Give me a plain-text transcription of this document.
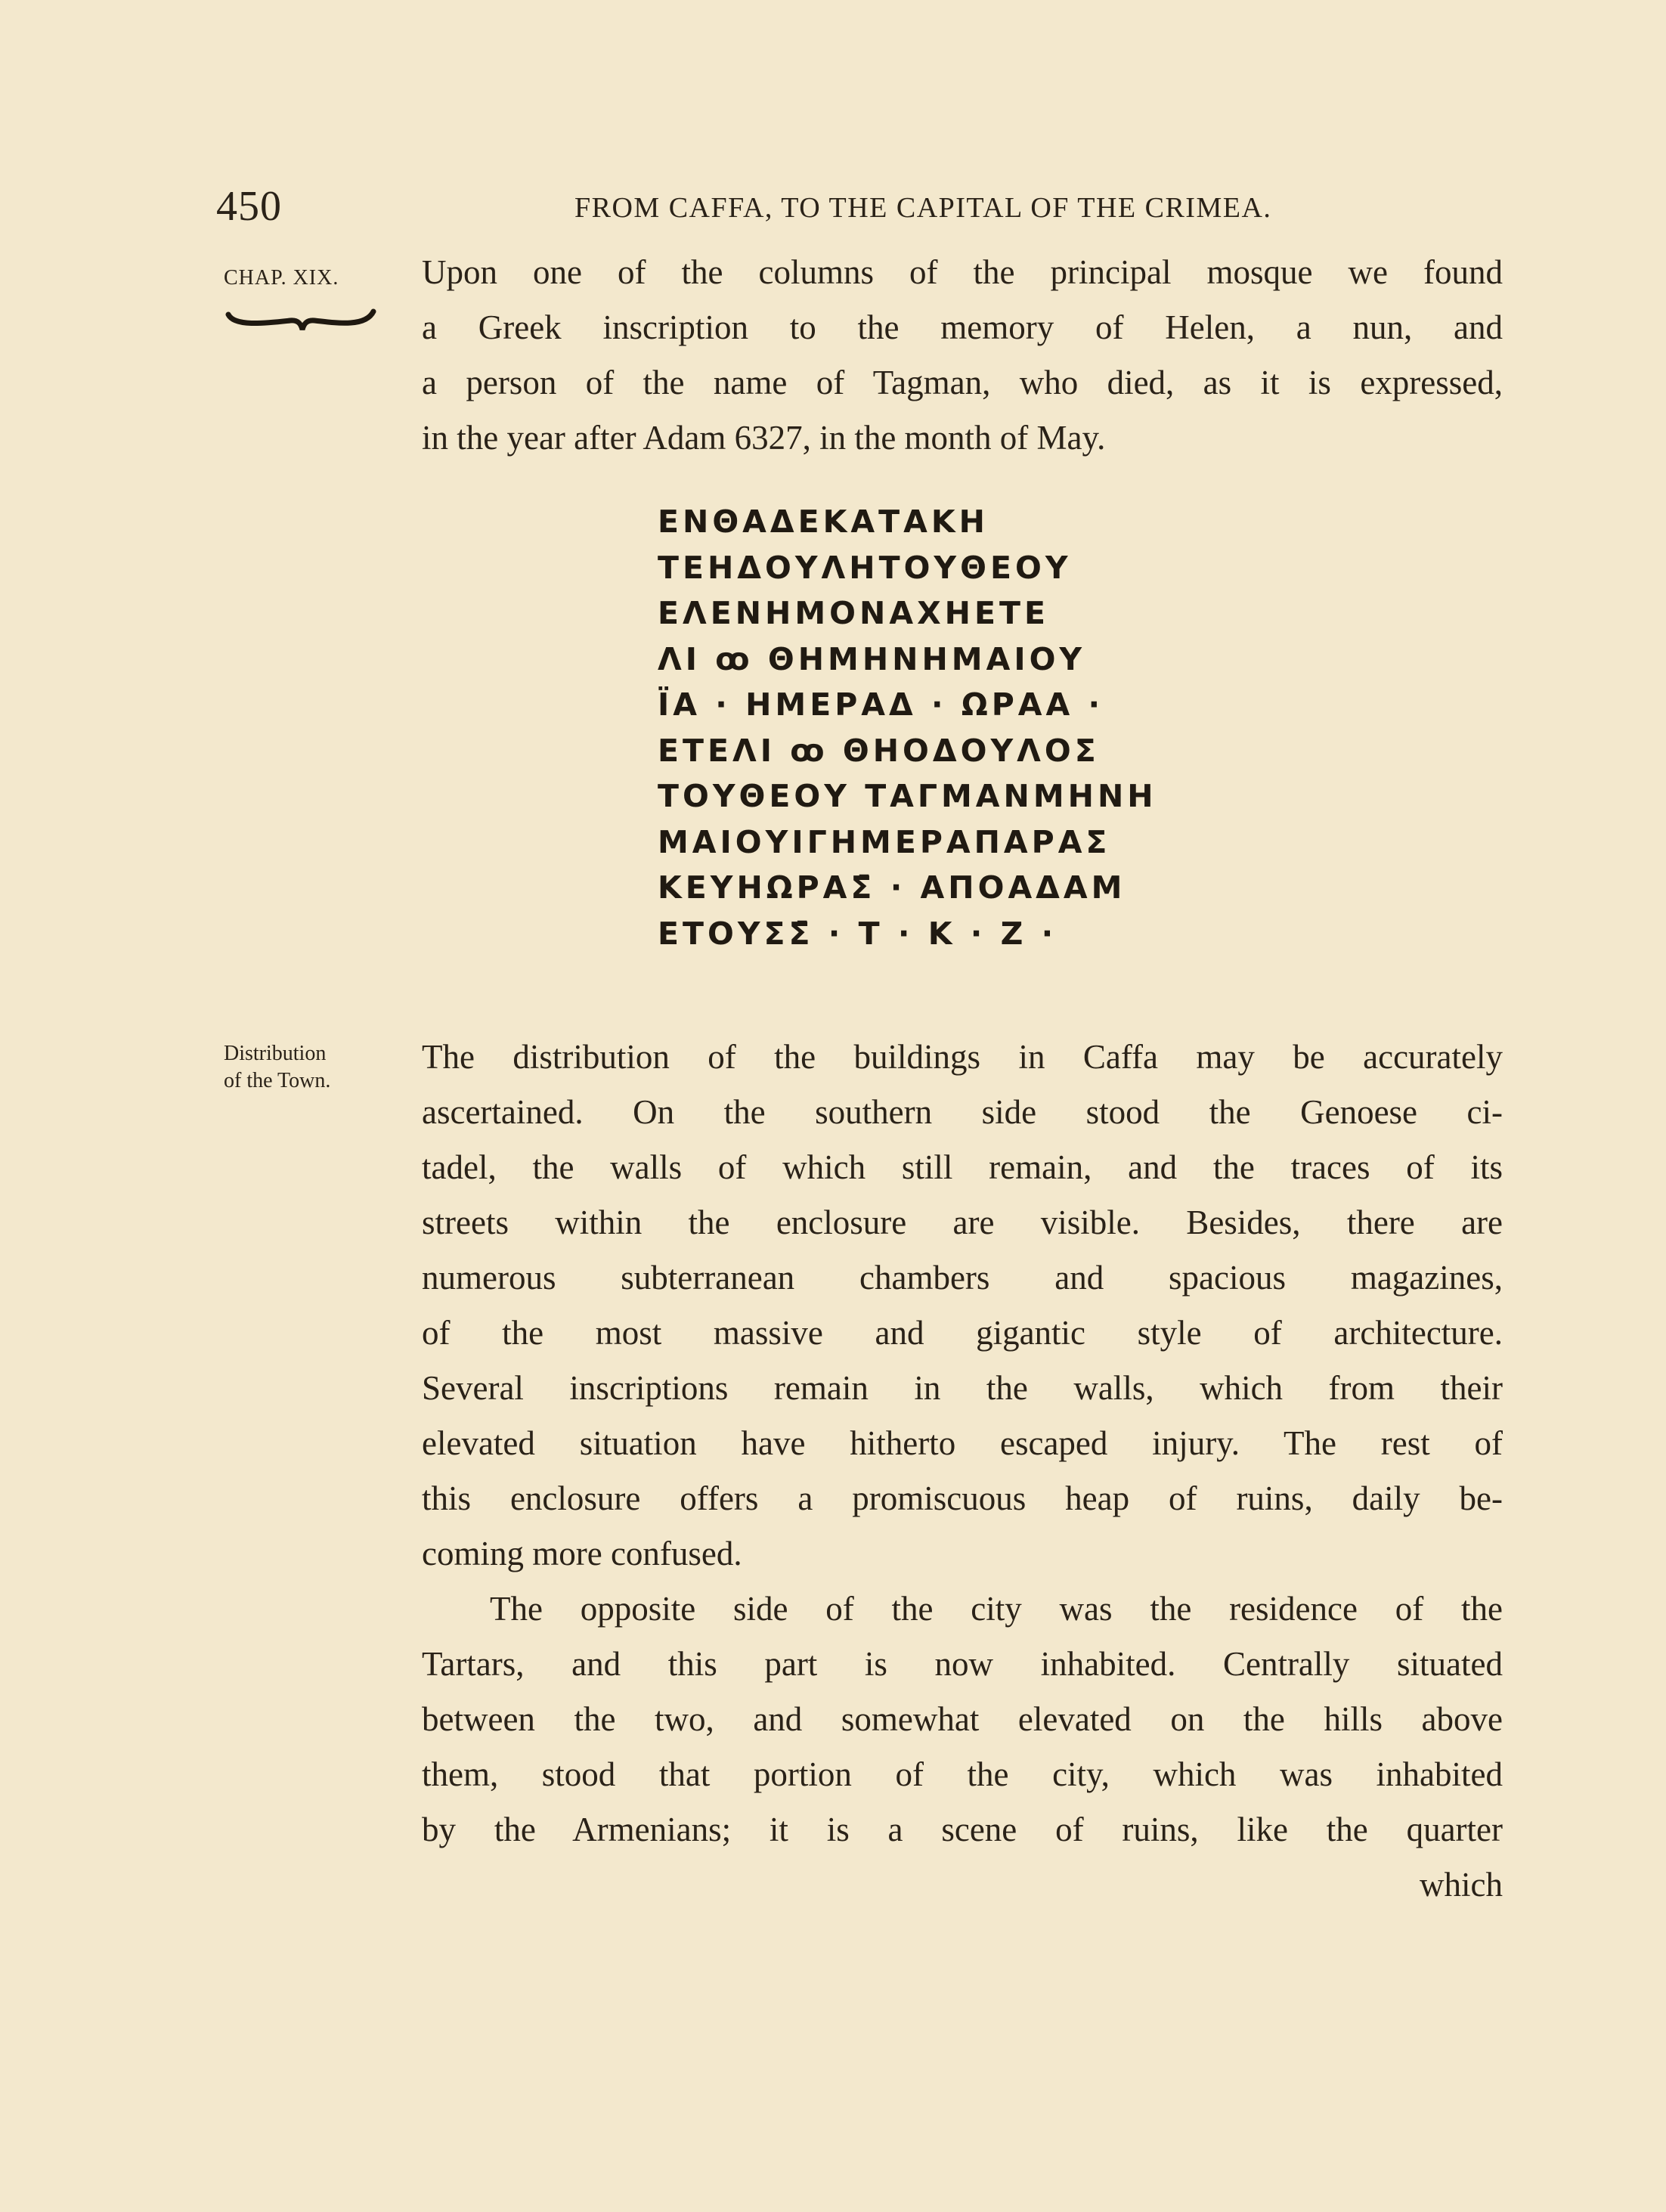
450	FROM CAFFA, TO THE CAPITAL OF THE CRIMEA.
CHAP. XIX. Upon one of the columns of the principal mosque we found
a Greek inscription to the memory of Helen, a nun, and
a person of the name of Tagman, who died, as it is expressed,
in the year after Adam 6327, in the month of May.
ΕΝΘΑΔΕΚΑΤΑΚΗ
ΤΕΗΔΟΥΛΗΤΟΥΘΕΟΥ
ΕΛΕΝΗΜΟΝΑΧΗΕΤΕ
ΛΙ ꝏ ΘΗΜΗΝΗΜΑΙΟΥ
ΪΑ · ΗΜΕΡΑΔ · ΩΡΑΑ ·
ΕΤΕΛΙ ꝏ ΘΗΟΔΟΥΛΟΣ
ΤΟΥΘΕΟΥ ΤΑΓΜΑΝΜΗΝΗ
ΜΑΙΟΥΙΓΗΜΕΡΑΠΑΡΑΣ
ΚΕΥΗΩΡΑΣ̄ · ΑΠΟΑΔΑΜ
ΕΤΟΥΣΣ̄ · Τ · Κ · Ζ ·
Distribution
of the Town.
The distribution of the buildings in Caffa may be accurately
ascertained. On the southern side stood the Genoese ci-
tadel, the walls of which still remain, and the traces of its
streets within the enclosure are visible. Besides, there are
numerous subterranean chambers and spacious magazines,
of the most massive and gigantic style of architecture.
Several inscriptions remain in the walls, which from their
elevated situation have hitherto escaped injury. The rest of
this enclosure offers a promiscuous heap of ruins, daily be-
coming more confused.
The opposite side of the city was the residence of the
Tartars, and this part is now inhabited. Centrally situated
between the two, and somewhat elevated on the hills above
them, stood that portion of the city, which was inhabited
by the Armenians; it is a scene of ruins, like the quarter
which
